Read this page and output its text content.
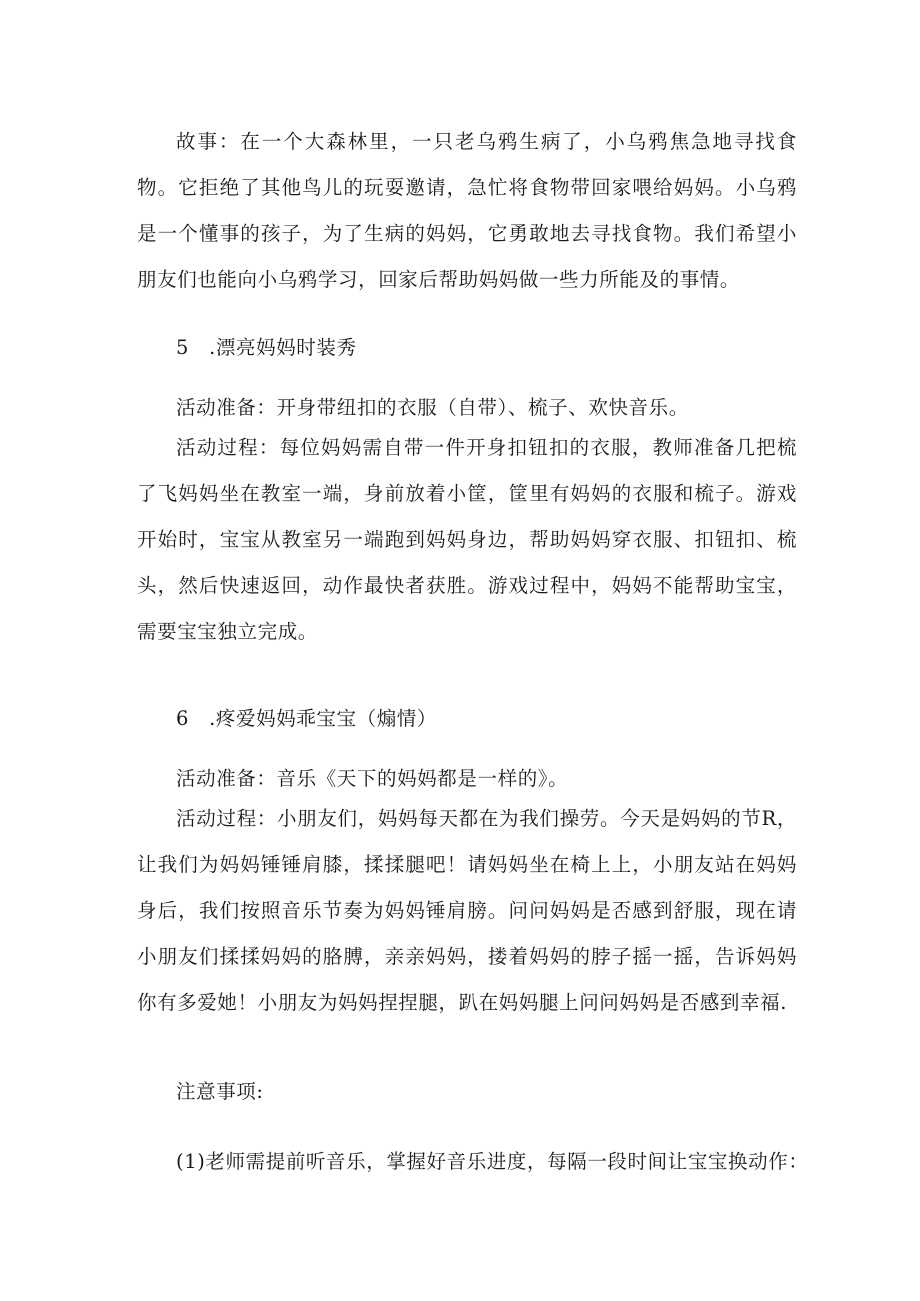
故事：在一个大森林里，一只老乌鸦生病了，小乌鸦焦急地寻找食物。它拒绝了其他鸟儿的玩耍邀请，急忙将食物带回家喂给妈妈。小乌鸦是一个懂事的孩子，为了生病的妈妈，它勇敢地去寻找食物。我们希望小朋友们也能向小乌鸦学习，回家后帮助妈妈做一些力所能及的事情。

5　.漂亮妈妈时装秀

活动准备：开身带纽扣的衣服（自带）、梳子、欢快音乐。

活动过程：每位妈妈需自带一件开身扣钮扣的衣服，教师准备几把梳了飞妈妈坐在教室一端，身前放着小筐，筐里有妈妈的衣服和梳子。游戏开始时，宝宝从教室另一端跑到妈妈身边，帮助妈妈穿衣服、扣钮扣、梳头，然后快速返回，动作最快者获胜。游戏过程中，妈妈不能帮助宝宝，需要宝宝独立完成。

6　.疼爱妈妈乖宝宝（煽情）

活动准备：音乐《天下的妈妈都是一样的》。

活动过程：小朋友们，妈妈每天都在为我们操劳。今天是妈妈的节R，让我们为妈妈锤锤肩膝，揉揉腿吧！请妈妈坐在椅上上，小朋友站在妈妈身后，我们按照音乐节奏为妈妈锤肩膀。问问妈妈是否感到舒服，现在请小朋友们揉揉妈妈的胳膊，亲亲妈妈，搂着妈妈的脖子摇一摇，告诉妈妈你有多爱她！小朋友为妈妈捏捏腿，趴在妈妈腿上问问妈妈是否感到幸福.

注意事项:

(1)老师需提前听音乐，掌握好音乐进度，每隔一段时间让宝宝换动作：
